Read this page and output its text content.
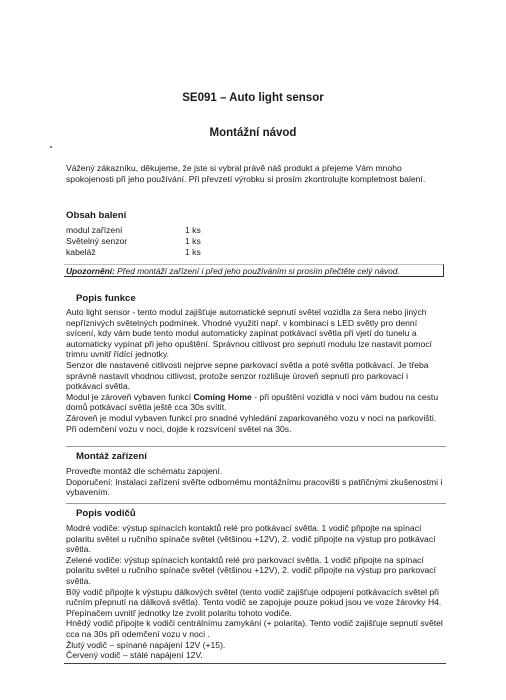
SE091 – Auto light sensor
Montážní návod

Vážený zákazníku, děkujeme, že jste si vybral právě náš produkt a přejeme Vám mnoho spokojenosti při jeho používání. Při převzetí výrobku si prosím zkontrolujte kompletnost balení.

Obsah balení
modul zařízení	1 ks
Světelný senzor	1 ks
kabeláž	1 ks
Upozornění: Před montáží zařízení i před jeho používáním si prosím přečtěte celý návod.
Popis funkce

Auto light sensor - tento modul zajišťuje automatické sepnutí světel vozidla za šera nebo jiných nepříznivých světelných podmínek. Vhodné využití např. v kombinaci s LED světly pro denní svícení, kdy vám bude tento modul automaticky zapínat potkávací světla při vjetí do tunelu a automaticky vypínat při jeho opuštění. Správnou citlivost pro sepnutí modulu lze nastavit pomocí trimru uvnitř řídící jednotky.

Senzor dle nastavené citlivosti nejprve sepne parkovací světla a poté světla potkávací. Je třeba správně nastavit vhodnou citlivost, protože senzor rozlišuje úroveň sepnutí pro parkovací i potkávací světla.

Modul je zároveň vybaven funkcí Coming Home - při opuštění vozidla v noci vám budou na cestu domů potkávací světla ještě cca 30s svítit.

Zároveň je modul vybaven funkcí pro snadné vyhledání zaparkovaného vozu v noci na parkovišti. Při odemčení vozu v noci, dojde k rozsvícení světel na 30s.

Montáž zařízení

Proveďte montáž dle schématu zapojení.

Doporučení: Instalaci zařízení svěřte odbornému montážnímu pracovišti s patřičnými zkušenostmi i vybavením.

Popis vodičů

Modré vodiče: výstup spínacích kontaktů relé pro potkávací světla. 1 vodič připojte na spínací polaritu světel u ručního spínače světel (většinou +12V), 2. vodič připojte na výstup pro potkávací světla.

Zelené vodiče: výstup spínacích kontaktů relé pro parkovací světla. 1 vodič připojte na spínací polaritu světel u ručního spínače světel (většinou +12V), 2. vodič připojte na výstup pro parkovací světla.

Bílý vodič připojte k výstupu dálkových světel (tento vodič zajišťuje odpojení potkávacích světel při ručním přepnutí na dálková světla). Tento vodič se zapojuje pouze pokud jsou ve voze žárovky H4. Přepínačem uvnitř jednotky lze zvolit polaritu tohoto vodiče.

Hnědý vodič připojte k vodiči centrálnímu zamykání (+ polarita). Tento vodič zajišťuje sepnutí světel cca na 30s při odemčení vozu v noci .

Žlutý vodič – spínané napájení 12V (+15).

Červený vodič – stálé napájení 12V.
